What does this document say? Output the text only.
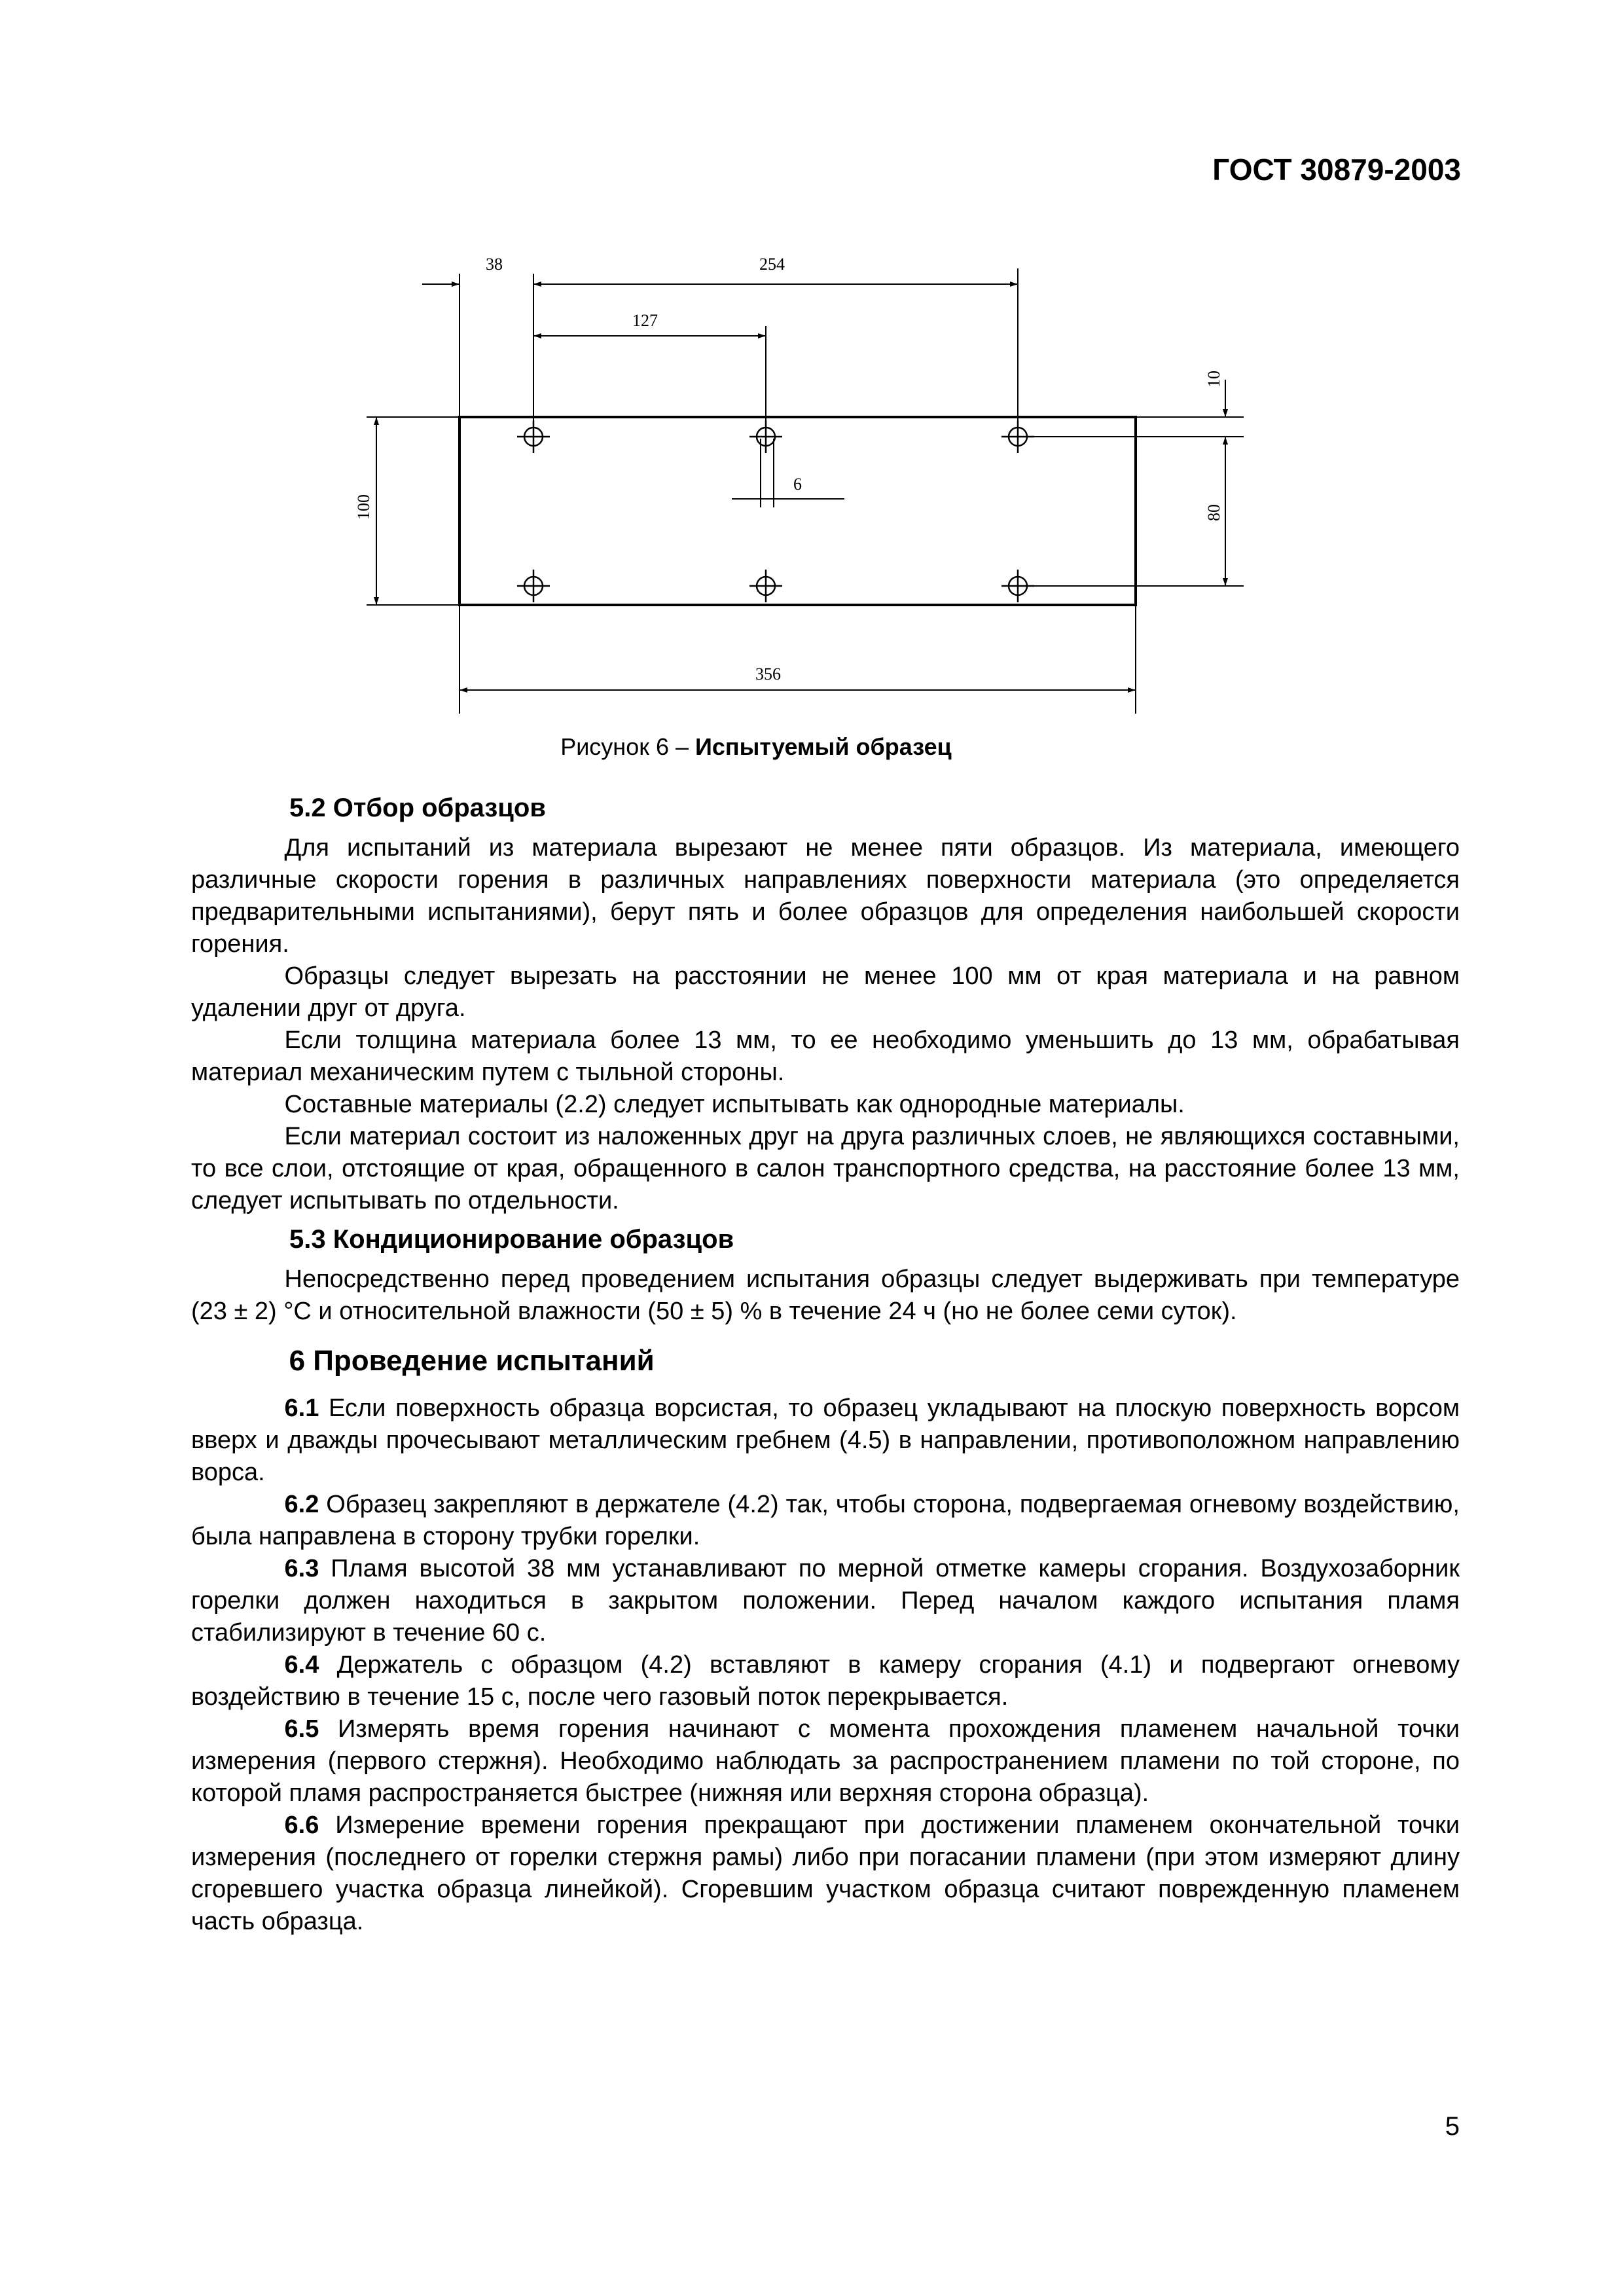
ГОСТ 30879-2003
38	254
127
6
356
100
10
80
Рисунок 6 – Испытуемый образец
5.2 Отбор образцов

Для испытаний из материала вырезают не менее пяти образцов. Из материала, имеющего различные скорости горения в различных направлениях поверхности материала (это определяется предварительными испытаниями), берут пять и более образцов для определения наибольшей скорости горения.

Образцы следует вырезать на расстоянии не менее 100 мм от края материала и на равном удалении друг от друга.

Если толщина материала более 13 мм, то ее необходимо уменьшить до 13 мм, обрабатывая материал механическим путем с тыльной стороны.

Составные материалы (2.2) следует испытывать как однородные материалы.

Если материал состоит из наложенных друг на друга различных слоев, не являющихся составными, то все слои, отстоящие от края, обращенного в салон транспортного средства, на расстояние более 13 мм, следует испытывать по отдельности.

5.3 Кондиционирование образцов

Непосредственно перед проведением испытания образцы следует выдерживать при температуре (23 ± 2) °С и относительной влажности (50 ± 5) % в течение 24 ч (но не более семи суток).

6 Проведение испытаний

6.1 Если поверхность образца ворсистая, то образец укладывают на плоскую поверхность ворсом вверх и дважды прочесывают металлическим гребнем (4.5) в направлении, противоположном направлению ворса.

6.2 Образец закрепляют в держателе (4.2) так, чтобы сторона, подвергаемая огневому воздействию, была направлена в сторону трубки горелки.

6.3 Пламя высотой 38 мм устанавливают по мерной отметке камеры сгорания. Воздухозаборник горелки должен находиться в закрытом положении. Перед началом каждого испытания пламя стабилизируют в течение 60 с.

6.4 Держатель с образцом (4.2) вставляют в камеру сгорания (4.1) и подвергают огневому воздействию в течение 15 с, после чего газовый поток перекрывается.

6.5 Измерять время горения начинают с момента прохождения пламенем начальной точки измерения (первого стержня). Необходимо наблюдать за распространением пламени по той стороне, по которой пламя распространяется быстрее (нижняя или верхняя сторона образца).

6.6 Измерение времени горения прекращают при достижении пламенем окончательной точки измерения (последнего от горелки стержня рамы) либо при погасании пламени (при этом измеряют длину сгоревшего участка образца линейкой). Сгоревшим участком образца считают поврежденную пламенем часть образца.

5
